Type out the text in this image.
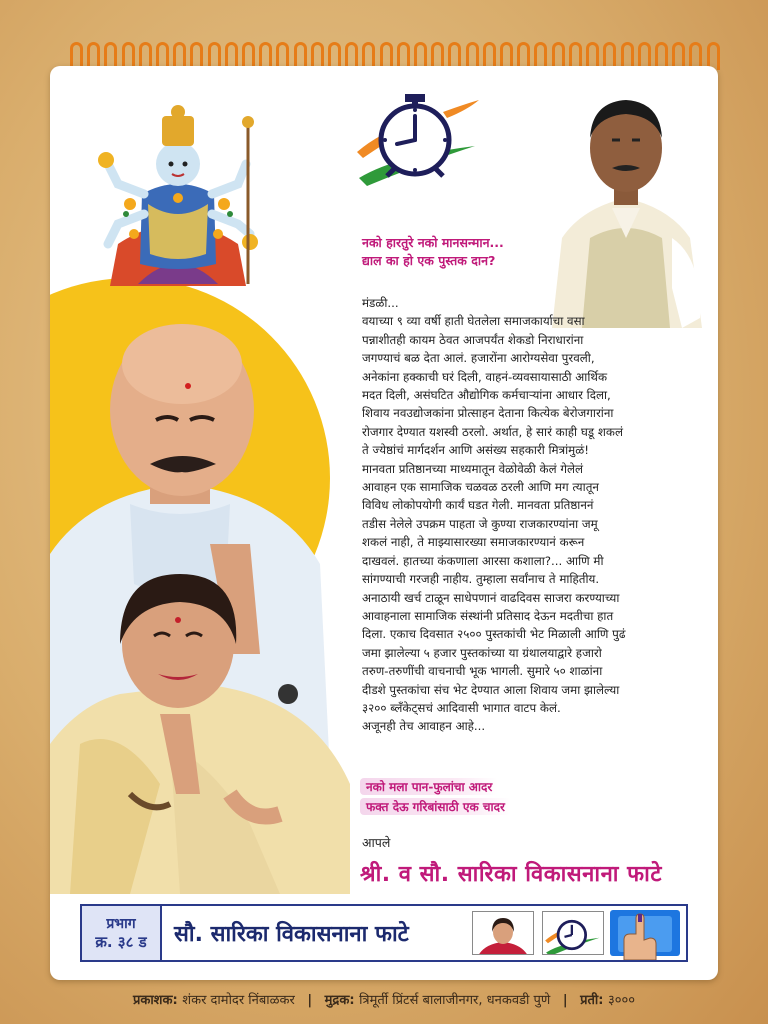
नको हारतुरे नको मानसन्मान...
द्याल का हो एक पुस्तक दान?

मंडळी...

वयाच्या ९ व्या वर्षी हाती घेतलेला समाजकार्याचा वसा

पन्नाशीतही कायम ठेवत आजपर्यंत शेकडो निराधारांना

जगण्याचं बळ देता आलं. हजारोंना आरोग्यसेवा पुरवली,

अनेकांना हक्काची घरं दिली, वाहनं-व्यवसायासाठी आर्थिक

मदत दिली, असंघटित औद्योगिक कर्मचाऱ्यांना आधार दिला,

शिवाय नवउद्योजकांना प्रोत्साहन देताना कित्येक बेरोजगारांना

रोजगार देण्यात यशस्वी ठरलो. अर्थात, हे सारं काही घडू शकलं

ते ज्येष्ठांचं मार्गदर्शन आणि असंख्य सहकारी मित्रांमुळं!

मानवता प्रतिष्ठानच्या माध्यमातून वेळोवेळी केलं गेलेलं

आवाहन एक सामाजिक चळवळ ठरली आणि मग त्यातून

विविध लोकोपयोगी कार्यं घडत गेली. मानवता प्रतिष्ठाननं

तडीस नेलेले उपक्रम पाहता जे कुण्या राजकारण्यांना जमू

शकलं नाही, ते माझ्यासारख्या समाजकारण्यानं करून

दाखवलं. हातच्या कंकणाला आरसा कशाला?... आणि मी

सांगण्याची गरजही नाहीय. तुम्हाला सर्वांनाच ते माहितीय.

अनाठायी खर्च टाळून साधेपणानं वाढदिवस साजरा करण्याच्या

आवाहनाला सामाजिक संस्थांनी प्रतिसाद देऊन मदतीचा हात

दिला. एकाच दिवसात २५०० पुस्तकांची भेट मिळाली आणि पुढं

जमा झालेल्या ५ हजार पुस्तकांच्या या ग्रंथालयाद्वारे हजारो

तरुण-तरुणींची वाचनाची भूक भागली. सुमारे ५० शाळांना

दीडशे पुस्तकांचा संच भेट देण्यात आला शिवाय जमा झालेल्या

३२०० ब्लँकेट्सचं आदिवासी भागात वाटप केलं.

अजूनही तेच आवाहन आहे...

नको मला पान-फुलांचा आदर
फक्त देऊ गरिबांसाठी एक चादर
आपले
श्री. व सौ. सारिका विकासनाना फाटे
प्रभाग
क्र. ३८ ड	सौ. सारिका विकासनाना फाटे
प्रकाशक: शंकर दामोदर निंबाळकर | मुद्रक: त्रिमूर्ती प्रिंटर्स बालाजीनगर, धनकवडी पुणे | प्रती: ३०००
